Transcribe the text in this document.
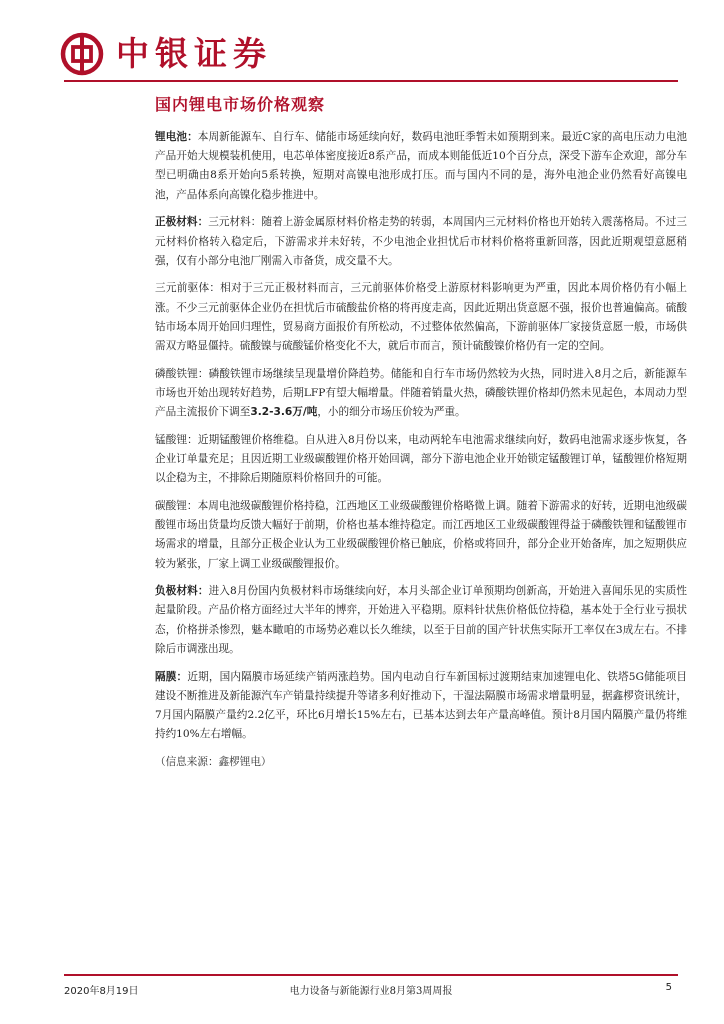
中银证券
国内锂电市场价格观察

锂电池：本周新能源车、自行车、储能市场延续向好，数码电池旺季暂未如预期到来。最近C家的高电压动力电池产品开始大规模装机使用，电芯单体密度接近8系产品，而成本则能低近10个百分点，深受下游车企欢迎，部分车型已明确由8系开始向5系转换，短期对高镍电池形成打压。而与国内不同的是，海外电池企业仍然看好高镍电池，产品体系向高镍化稳步推进中。

正极材料：三元材料：随着上游金属原材料价格走势的转弱，本周国内三元材料价格也开始转入震荡格局。不过三元材料价格转入稳定后，下游需求并未好转，不少电池企业担忧后市材料价格将重新回落，因此近期观望意愿稍强，仅有小部分电池厂刚需入市备货，成交量不大。

三元前驱体：相对于三元正极材料而言，三元前驱体价格受上游原材料影响更为严重，因此本周价格仍有小幅上涨。不少三元前驱体企业仍在担忧后市硫酸盐价格的将再度走高，因此近期出货意愿不强，报价也普遍偏高。硫酸钴市场本周开始回归理性，贸易商方面报价有所松动，不过整体依然偏高，下游前驱体厂家接货意愿一般，市场供需双方略显僵持。硫酸镍与硫酸锰价格变化不大，就后市而言，预计硫酸镍价格仍有一定的空间。

磷酸铁锂：磷酸铁锂市场继续呈现量增价降趋势。储能和自行车市场仍然较为火热，同时进入8月之后，新能源车市场也开始出现转好趋势，后期LFP有望大幅增量。伴随着销量火热，磷酸铁锂价格却仍然未见起色，本周动力型产品主流报价下调至3.2-3.6万/吨，小的细分市场压价较为严重。

锰酸锂：近期锰酸锂价格维稳。自从进入8月份以来，电动两轮车电池需求继续向好，数码电池需求逐步恢复，各企业订单量充足；且因近期工业级碳酸锂价格开始回调，部分下游电池企业开始锁定锰酸锂订单，锰酸锂价格短期以企稳为主，不排除后期随原料价格回升的可能。

碳酸锂：本周电池级碳酸锂价格持稳，江西地区工业级碳酸锂价格略微上调。随着下游需求的好转，近期电池级碳酸锂市场出货量均反馈大幅好于前期，价格也基本维持稳定。而江西地区工业级碳酸锂得益于磷酸铁锂和锰酸锂市场需求的增量，且部分正极企业认为工业级碳酸锂价格已触底，价格或将回升，部分企业开始备库，加之短期供应较为紧张，厂家上调工业级碳酸锂报价。

负极材料：进入8月份国内负极材料市场继续向好，本月头部企业订单预期均创新高，开始进入喜闻乐见的实质性起量阶段。产品价格方面经过大半年的博弈，开始进入平稳期。原料针状焦价格低位持稳，基本处于全行业亏损状态，价格拼杀惨烈，魅本瞰咱的市场势必难以长久维续，以至于目前的国产针状焦实际开工率仅在3成左右。不排除后市调涨出现。

隔膜：近期，国内隔膜市场延续产销两涨趋势。国内电动自行车新国标过渡期结束加速锂电化、铁塔5G储能项目建设不断推进及新能源汽车产销量持续提升等诸多利好推动下，干湿法隔膜市场需求增量明显，据鑫椤资讯统计，7月国内隔膜产量约2.2亿平，环比6月增长15%左右，已基本达到去年产量高峰值。预计8月国内隔膜产量仍将维持约10%左右增幅。

（信息来源：鑫椤锂电）
2020年8月19日	电力设备与新能源行业8月第3周周报	5
